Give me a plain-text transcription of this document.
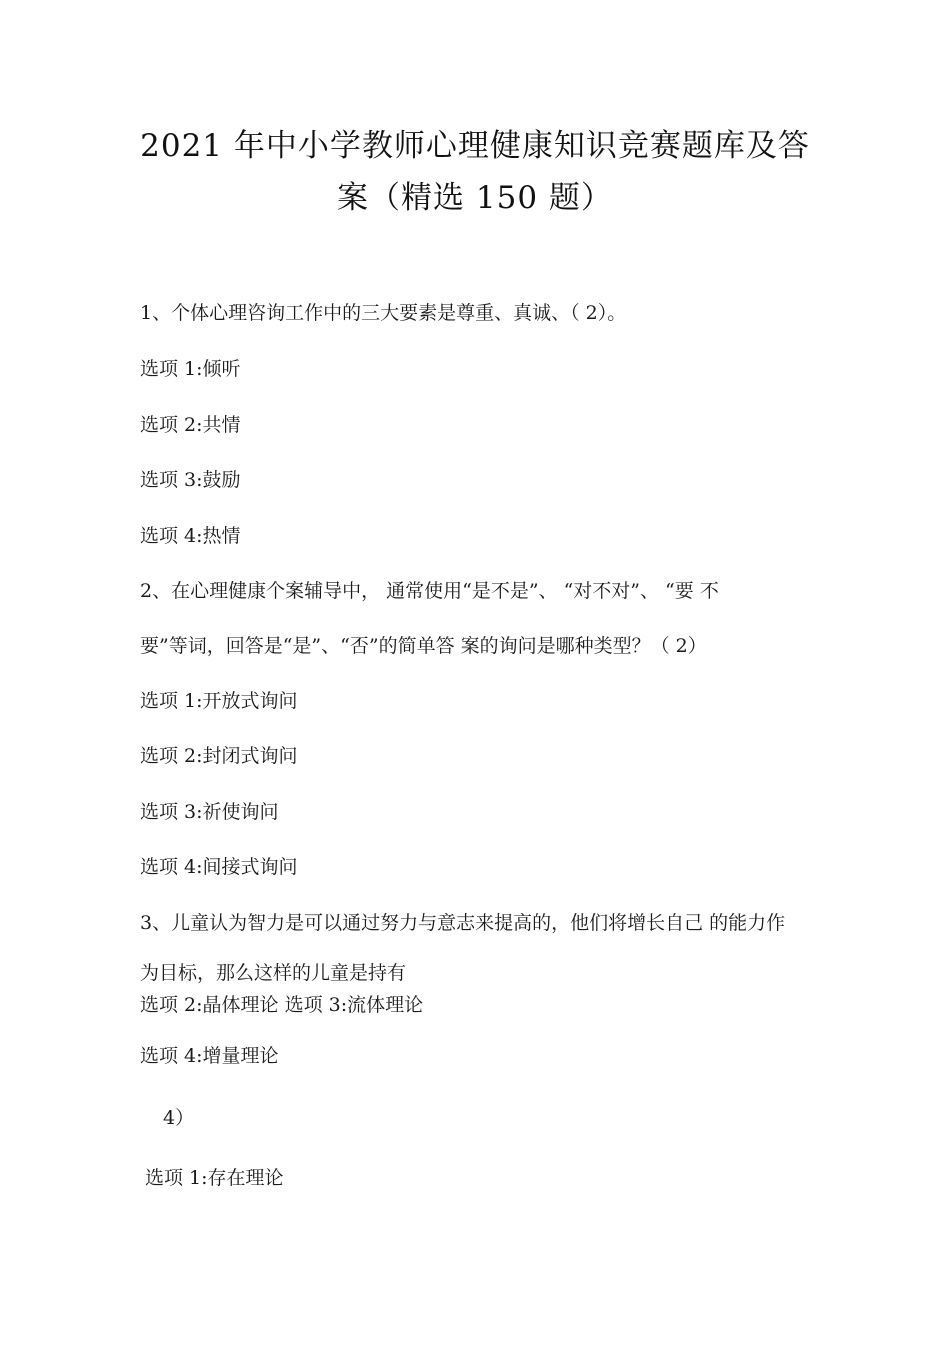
2021 年中小学教师心理健康知识竞赛题库及答
案（精选 150 题）
1、个体心理咨询工作中的三大要素是尊重、真诚、（ 2）。
选项 1:倾听
选项 2:共情
选项 3:鼓励
选项 4:热情
2、在心理健康个案辅导中， 通常使用“是不是”、 “对不对”、 “要 不
要”等词，回答是“是”、“否”的简单答 案的询问是哪种类型？（ 2）
选项 1:开放式询问
选项 2:封闭式询问
选项 3:祈使询问
选项 4:间接式询问
3、儿童认为智力是可以通过努力与意志来提高的，他们将增长自己 的能力作
为目标，那么这样的儿童是持有
选项 2:晶体理论 选项 3:流体理论
选项 4:增量理论
4）
选项 1:存在理论
